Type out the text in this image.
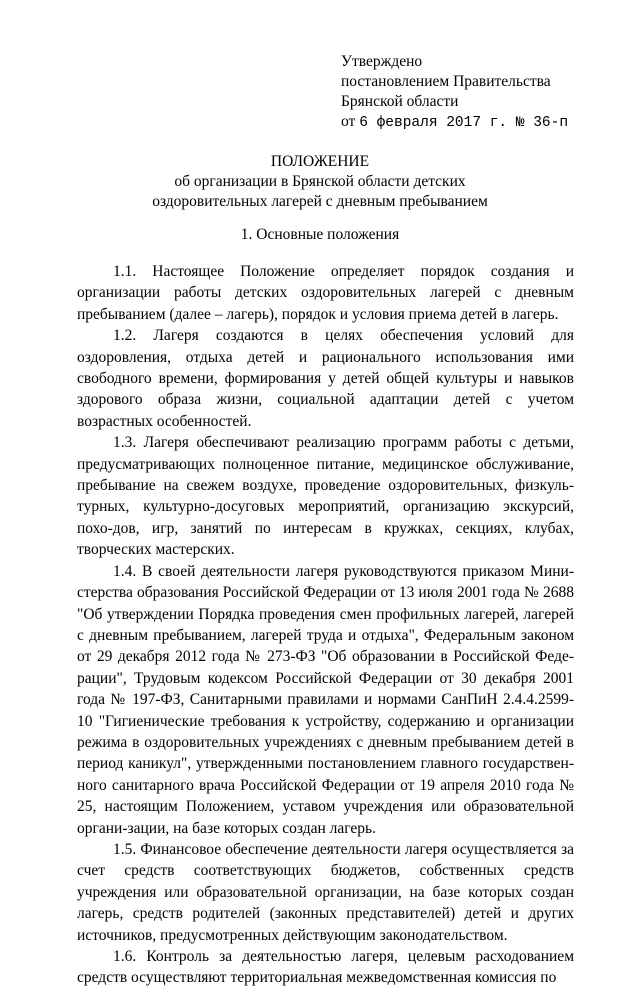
Утверждено
постановлением Правительства
Брянской области
от 6 февраля 2017 г. № 36-п
ПОЛОЖЕНИЕ
об организации в Брянской области детских
оздоровительных лагерей с дневным пребыванием
1. Основные положения

1.1. Настоящее Положение определяет порядок создания и организации работы детских оздоровительных лагерей с дневным пребыванием (далее – лагерь), порядок и условия приема детей в лагерь.

1.2. Лагеря создаются в целях обеспечения условий для оздоровления, отдыха детей и рационального использования ими свободного времени, формирования у детей общей культуры и навыков здорового образа жизни, социальной адаптации детей с учетом возрастных особенностей.

1.3. Лагеря обеспечивают реализацию программ работы с детьми, предусматривающих полноценное питание, медицинское обслуживание, пребывание на свежем воздухе, проведение оздоровительных, физкуль-турных, культурно-досуговых мероприятий, организацию экскурсий, похо-дов, игр, занятий по интересам в кружках, секциях, клубах, творческих мастерских.

1.4. В своей деятельности лагеря руководствуются приказом Мини-стерства образования Российской Федерации от 13 июля 2001 года № 2688 "Об утверждении Порядка проведения смен профильных лагерей, лагерей с дневным пребыванием, лагерей труда и отдыха", Федеральным законом от 29 декабря 2012 года № 273-ФЗ "Об образовании в Российской Феде-рации", Трудовым кодексом Российской Федерации от 30 декабря 2001 года № 197-ФЗ, Санитарными правилами и нормами СанПиН 2.4.4.2599-10 "Гигиенические требования к устройству, содержанию и организации режима в оздоровительных учреждениях с дневным пребыванием детей в период каникул", утвержденными постановлением главного государствен-ного санитарного врача Российской Федерации от 19 апреля 2010 года № 25, настоящим Положением, уставом учреждения или образовательной органи-зации, на базе которых создан лагерь.

1.5. Финансовое обеспечение деятельности лагеря осуществляется за счет средств соответствующих бюджетов, собственных средств учреждения или образовательной организации, на базе которых создан лагерь, средств родителей (законных представителей) детей и других источников, предусмотренных действующим законодательством.

1.6. Контроль за деятельностью лагеря, целевым расходованием средств осуществляют территориальная межведомственная комиссия по
